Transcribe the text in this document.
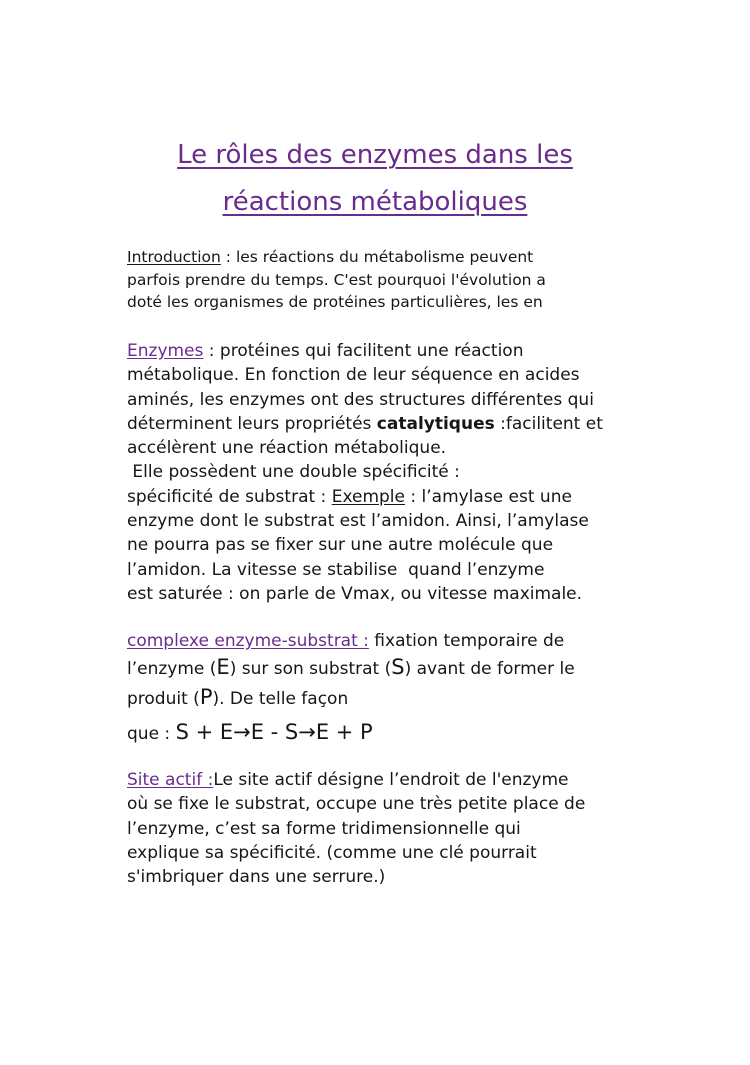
Le rôles des enzymes dans les
réactions métaboliques
Introduction : les réactions du métabolisme peuvent
parfois prendre du temps. C'est pourquoi l'évolution a
doté les organismes de protéines particulières, les en
Enzymes : protéines qui facilitent une réaction
métabolique. En fonction de leur séquence en acides
aminés, les enzymes ont des structures différentes qui
déterminent leurs propriétés catalytiques :facilitent et
accélèrent une réaction métabolique.
Elle possèdent une double spécificité :
spécificité de substrat : Exemple : l’amylase est une
enzyme dont le substrat est l’amidon. Ainsi, l’amylase
ne pourra pas se fixer sur une autre molécule que
l’amidon. La vitesse se stabilise  quand l’enzyme
est saturée : on parle de Vmax, ou vitesse maximale.
complexe enzyme-substrat : fixation temporaire de
l’enzyme (E) sur son substrat (S) avant de former le
produit (P). De telle façon
que : S + E→E - S→E + P
Site actif :Le site actif désigne l’endroit de l'enzyme
où se fixe le substrat, occupe une très petite place de
l’enzyme, c’est sa forme tridimensionnelle qui
explique sa spécificité. (comme une clé pourrait
s'imbriquer dans une serrure.)
